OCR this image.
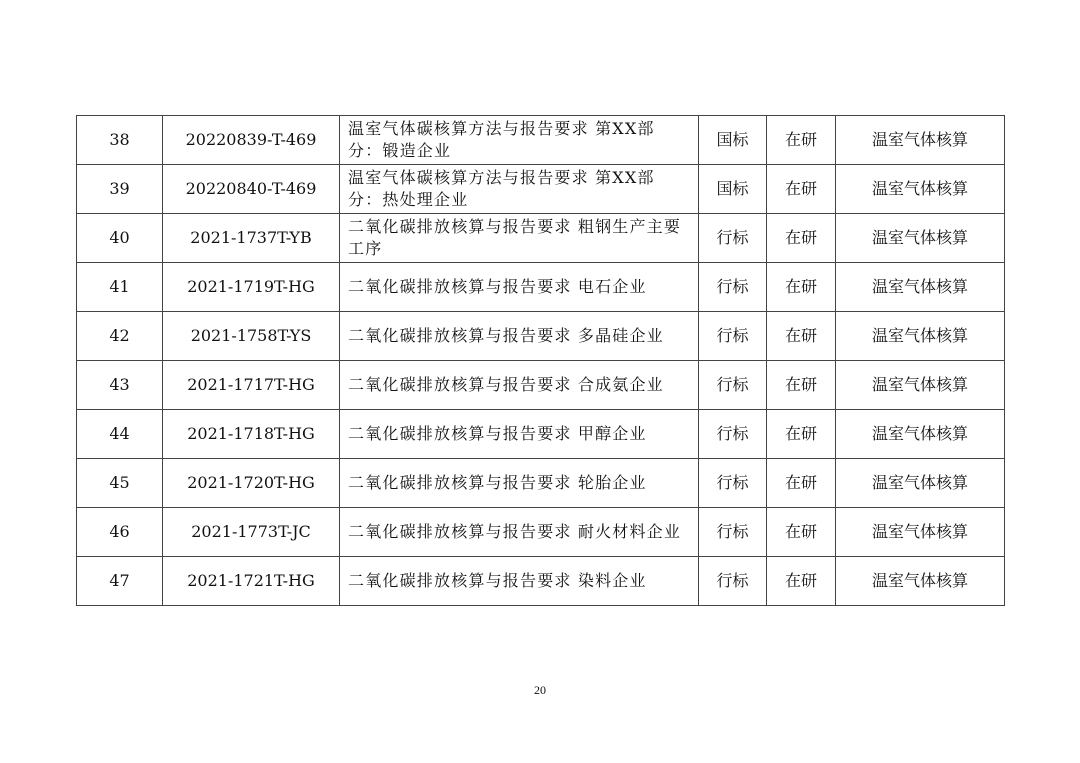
38	20220839-T-469	温室气体碳核算方法与报告要求 第XX部分：锻造企业	国标	在研	温室气体核算
39	20220840-T-469	温室气体碳核算方法与报告要求 第XX部分：热处理企业	国标	在研	温室气体核算
40	2021-1737T-YB	二氧化碳排放核算与报告要求 粗钢生产主要工序	行标	在研	温室气体核算
41	2021-1719T-HG	二氧化碳排放核算与报告要求 电石企业	行标	在研	温室气体核算
42	2021-1758T-YS	二氧化碳排放核算与报告要求 多晶硅企业	行标	在研	温室气体核算
43	2021-1717T-HG	二氧化碳排放核算与报告要求 合成氨企业	行标	在研	温室气体核算
44	2021-1718T-HG	二氧化碳排放核算与报告要求 甲醇企业	行标	在研	温室气体核算
45	2021-1720T-HG	二氧化碳排放核算与报告要求 轮胎企业	行标	在研	温室气体核算
46	2021-1773T-JC	二氧化碳排放核算与报告要求 耐火材料企业	行标	在研	温室气体核算
47	2021-1721T-HG	二氧化碳排放核算与报告要求 染料企业	行标	在研	温室气体核算
20
